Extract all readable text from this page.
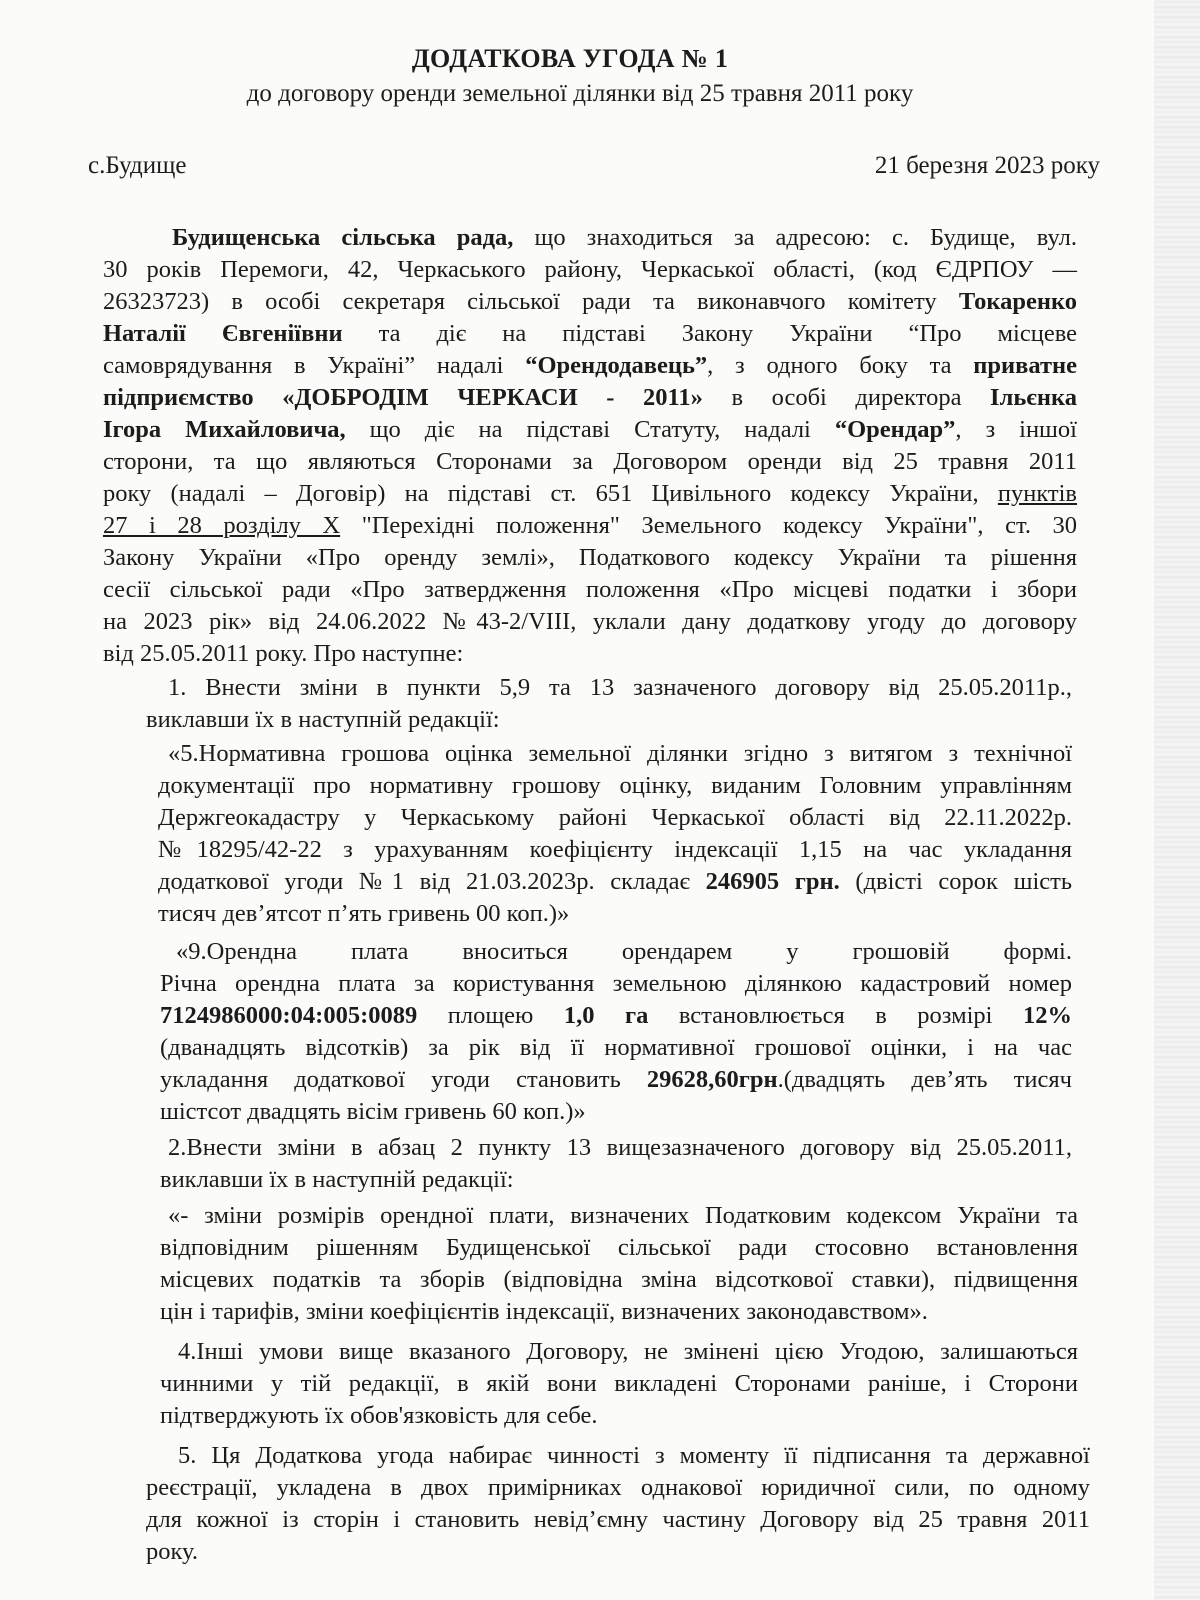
ДОДАТКОВА УГОДА № 1
до договору оренди земельної ділянки від 25 травня 2011 року
с.Будище	21 березня 2023 року
Будищенська сільська рада, що знаходиться за адресою: с. Будище, вул.
30 років Перемоги, 42, Черкаського району, Черкаської області, (код ЄДРПОУ —
26323723) в особі секретаря сільської ради та виконавчого комітету Токаренко
Наталії Євгеніївни та діє на підставі Закону України “Про місцеве
самоврядування в Україні” надалі “Орендодавець”, з одного боку та приватне
підприємство «ДОБРОДІМ ЧЕРКАСИ - 2011» в особі директора Ільєнка
Ігора Михайловича, що діє на підставі Статуту, надалі “Орендар”, з іншої
сторони, та що являються Сторонами за Договором оренди від 25 травня 2011
року (надалі – Договір) на підставі ст. 651 Цивільного кодексу України, пунктів
27 і 28 розділу Х "Перехідні положення" Земельного кодексу України", ст. 30
Закону України «Про оренду землі», Податкового кодексу України та рішення
сесії сільської ради «Про затвердження положення «Про місцеві податки і збори
на 2023 рік» від 24.06.2022 №43-2/VIII, уклали дану додаткову угоду до договору
від 25.05.2011 року. Про наступне:
1. Внести зміни в пункти 5,9 та 13 зазначеного договору від 25.05.2011р.,
виклавши їх в наступній редакції:
«5.Нормативна грошова оцінка земельної ділянки згідно з витягом з технічної
документації про нормативну грошову оцінку, виданим Головним управлінням
Держгеокадастру у Черкаському районі Черкаської області від 22.11.2022р.
№18295/42-22 з урахуванням коефіцієнту індексації 1,15 на час укладання
додаткової угоди №1 від 21.03.2023р. складає 246905 грн. (двісті сорок шість
тисяч дев’ятсот п’ять гривень 00 коп.)»
«9.Орендна плата вноситься орендарем у грошовій формі.
Річна орендна плата за користування земельною ділянкою кадастровий номер
7124986000:04:005:0089 площею 1,0 га встановлюється в розмірі 12%
(дванадцять відсотків) за рік від її нормативної грошової оцінки, і на час
укладання додаткової угоди становить 29628,60грн.(двадцять дев’ять тисяч
шістсот двадцять вісім гривень 60 коп.)»
2.Внести зміни в абзац 2 пункту 13 вищезазначеного договору від 25.05.2011,
виклавши їх в наступній редакції:
«- зміни розмірів орендної плати, визначених Податковим кодексом України та
відповідним рішенням Будищенської сільської ради стосовно встановлення
місцевих податків та зборів (відповідна зміна відсоткової ставки), підвищення
цін і тарифів, зміни коефіцієнтів індексації, визначених законодавством».
4.Інші умови вище вказаного Договору, не змінені цією Угодою, залишаються
чинними у тій редакції, в якій вони викладені Сторонами раніше, і Сторони
підтверджують їх обов'язковість для себе.
5. Ця Додаткова угода набирає чинності з моменту її підписання та державної
реєстрації, укладена в двох примірниках однакової юридичної сили, по одному
для кожної із сторін і становить невід’ємну частину Договору від 25 травня 2011
року.
